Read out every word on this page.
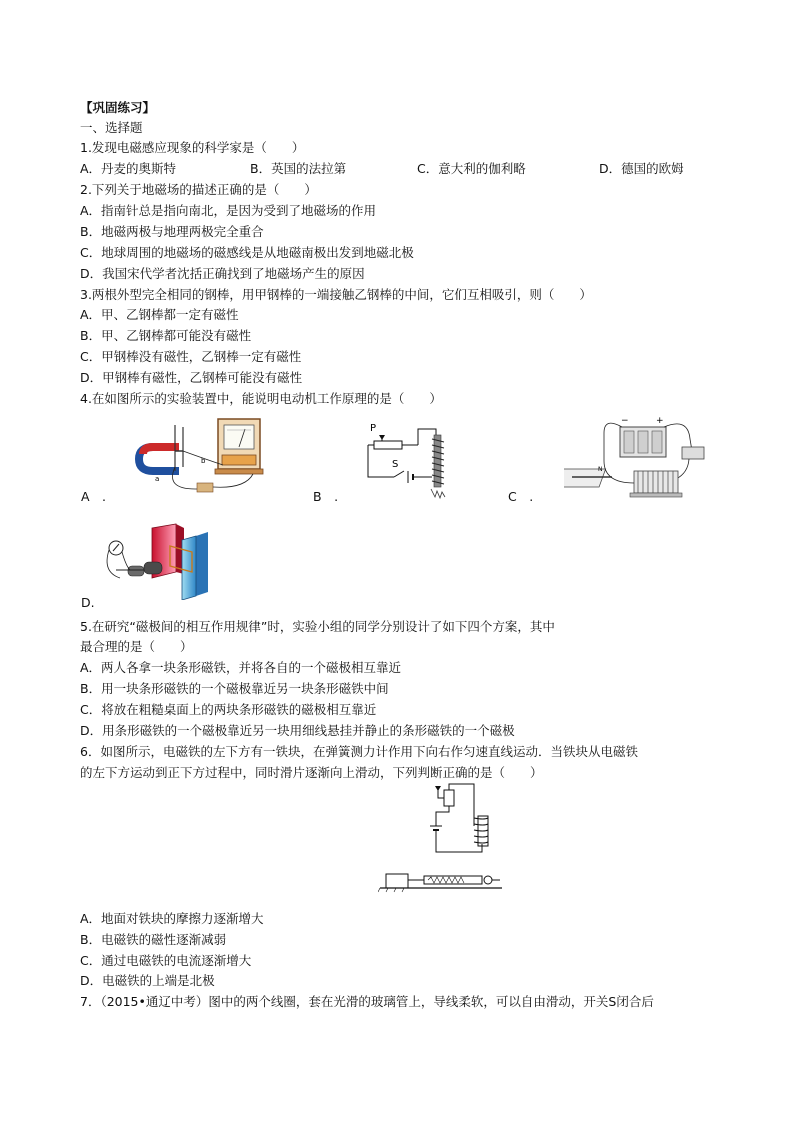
【巩固练习】
一、选择题
1.发现电磁感应现象的科学家是（　　）
A．丹麦的奥斯特	B．英国的法拉第	C．意大利的伽利略	D．德国的欧姆
2.下列关于地磁场的描述正确的是（　　）
A．指南针总是指向南北，是因为受到了地磁场的作用
B．地磁两极与地理两极完全重合
C．地球周围的地磁场的磁感线是从地磁南极出发到地磁北极
D．我国宋代学者沈括正确找到了地磁场产生的原因
3.两根外型完全相同的钢棒，用甲钢棒的一端接触乙钢棒的中间，它们互相吸引，则（　　）
A．甲、乙钢棒都一定有磁性
B．甲、乙钢棒都可能没有磁性
C．甲钢棒没有磁性，乙钢棒一定有磁性
D．甲钢棒有磁性，乙钢棒可能没有磁性
4.在如图所示的实验装置中，能说明电动机工作原理的是（　　）
a
b
A　.
P
S
B　.
−	+
N
C　.
D.
5.在研究“磁极间的相互作用规律”时，实验小组的同学分别设计了如下四个方案，其中
最合理的是（　　）
A．两人各拿一块条形磁铁，并将各自的一个磁极相互靠近
B．用一块条形磁铁的一个磁极靠近另一块条形磁铁中间
C．将放在粗糙桌面上的两块条形磁铁的磁极相互靠近
D．用条形磁铁的一个磁极靠近另一块用细线悬挂并静止的条形磁铁的一个磁极
6．如图所示，电磁铁的左下方有一铁块，在弹簧测力计作用下向右作匀速直线运动．当铁块从电磁铁
的左下方运动到正下方过程中，同时滑片逐渐向上滑动，下列判断正确的是（　　）
A．地面对铁块的摩擦力逐渐增大
B．电磁铁的磁性逐渐减弱
C．通过电磁铁的电流逐渐增大
D．电磁铁的上端是北极
7．（2015•通辽中考）图中的两个线圈，套在光滑的玻璃管上，导线柔软，可以自由滑动，开关S闭合后
